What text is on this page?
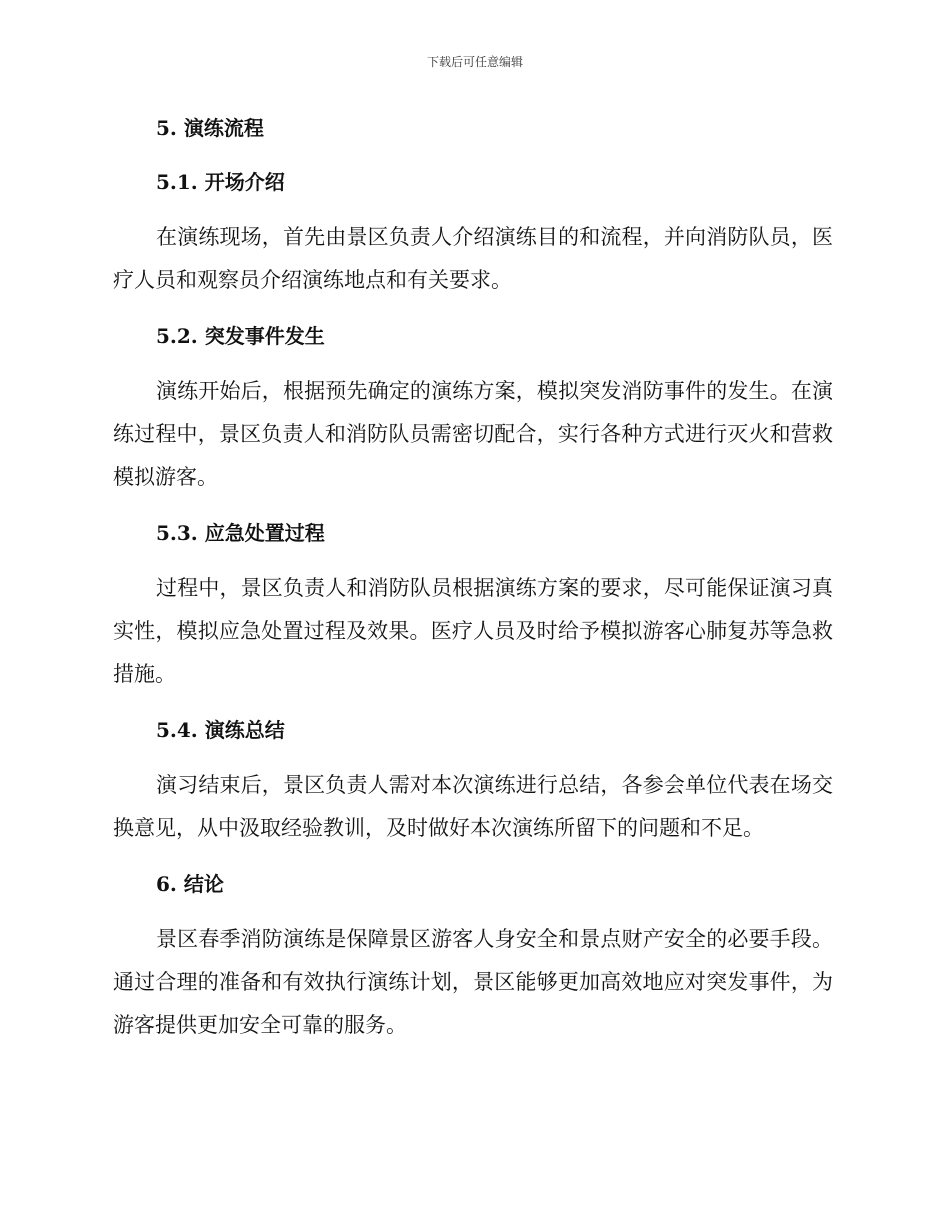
下载后可任意编辑
5. 演练流程
5.1. 开场介绍

在演练现场，首先由景区负责人介绍演练目的和流程，并向消防队员，医疗人员和观察员介绍演练地点和有关要求。

5.2. 突发事件发生

演练开始后，根据预先确定的演练方案，模拟突发消防事件的发生。在演练过程中，景区负责人和消防队员需密切配合，实行各种方式进行灭火和营救模拟游客。

5.3. 应急处置过程

过程中，景区负责人和消防队员根据演练方案的要求，尽可能保证演习真实性，模拟应急处置过程及效果。医疗人员及时给予模拟游客心肺复苏等急救措施。

5.4. 演练总结

演习结束后，景区负责人需对本次演练进行总结，各参会单位代表在场交换意见，从中汲取经验教训，及时做好本次演练所留下的问题和不足。

6. 结论

景区春季消防演练是保障景区游客人身安全和景点财产安全的必要手段。通过合理的准备和有效执行演练计划，景区能够更加高效地应对突发事件，为游客提供更加安全可靠的服务。
